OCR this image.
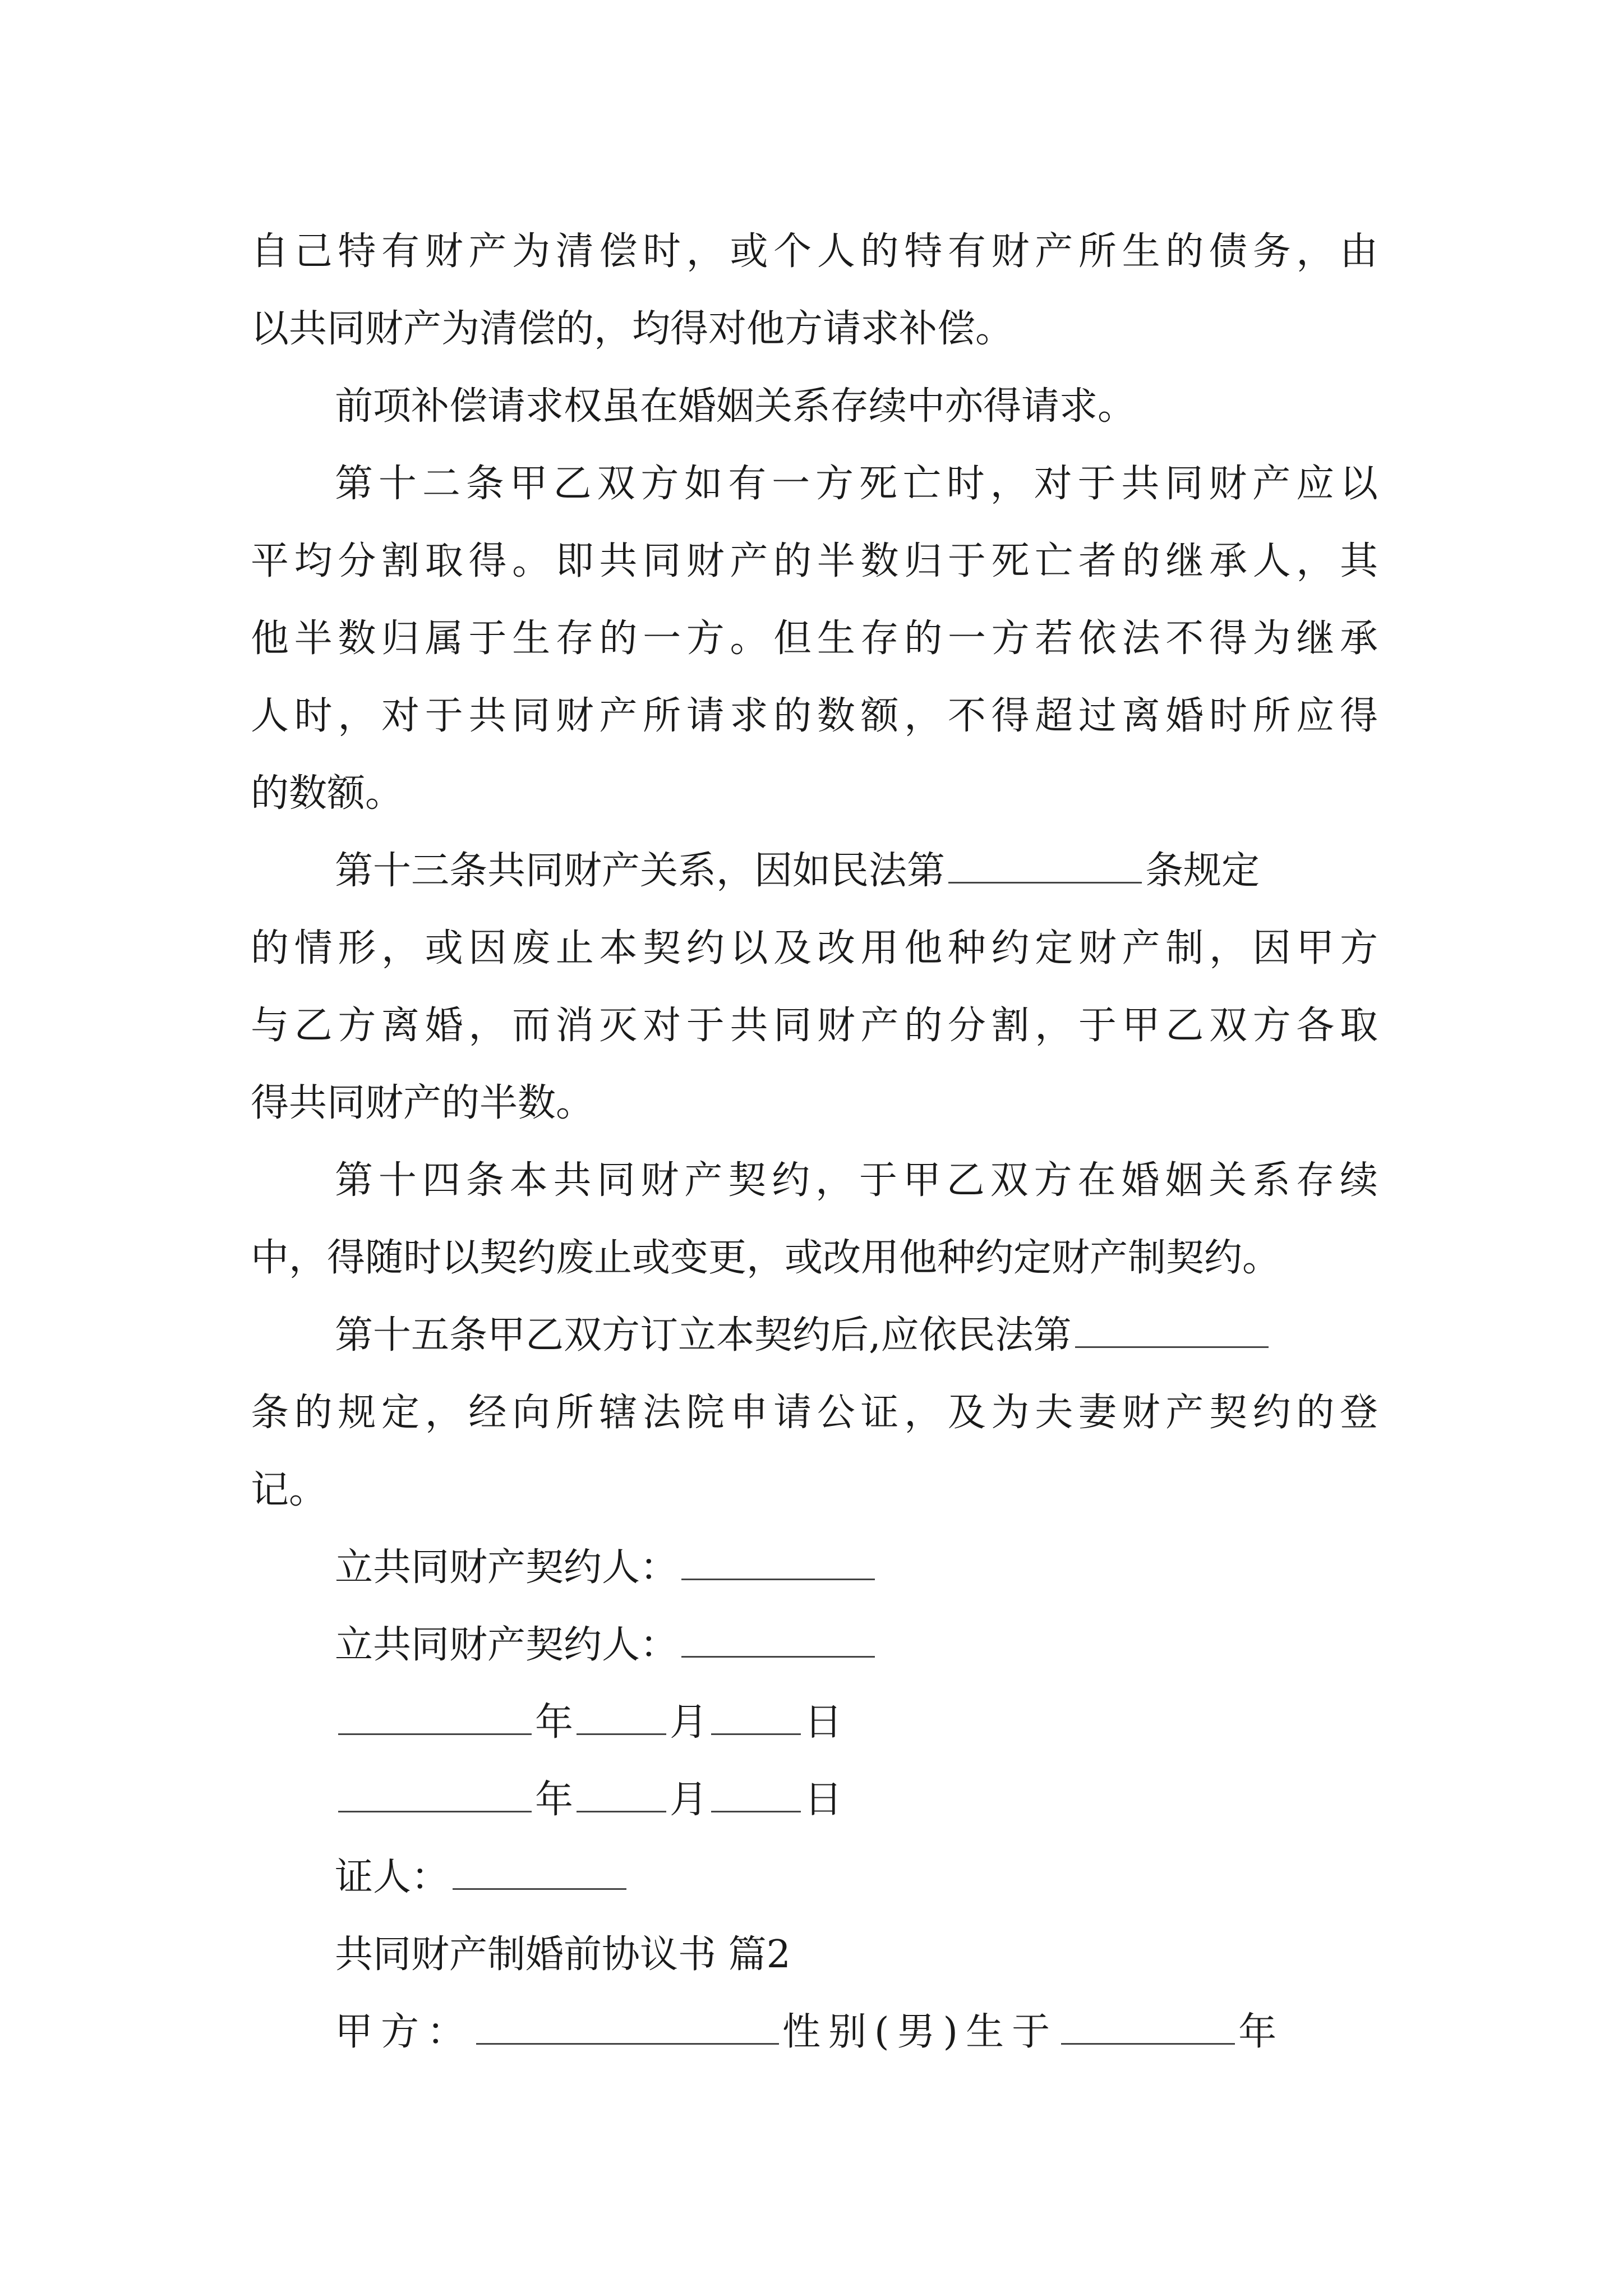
自己特有财产为清偿时，或个人的特有财产所生的债务，由
以共同财产为清偿的，均得对他方请求补偿。
前项补偿请求权虽在婚姻关系存续中亦得请求。
第十二条甲乙双方如有一方死亡时，对于共同财产应以
平均分割取得。即共同财产的半数归于死亡者的继承人，其
他半数归属于生存的一方。但生存的一方若依法不得为继承
人时，对于共同财产所请求的数额，不得超过离婚时所应得
的数额。
第十三条共同财产关系，因如民法第	条规定
的情形，或因废止本契约以及改用他种约定财产制，因甲方
与乙方离婚，而消灭对于共同财产的分割，于甲乙双方各取
得共同财产的半数。
第十四条本共同财产契约，于甲乙双方在婚姻关系存续
中，得随时以契约废止或变更，或改用他种约定财产制契约。
第十五条甲乙双方订立本契约后,应依民法第
条的规定，经向所辖法院申请公证，及为夫妻财产契约的登
记。
立共同财产契约人：
立共同财产契约人：
年	月	日
年	月	日
证人：
共同财产制婚前协议书 篇2
甲方：	性别(男)生于	年
